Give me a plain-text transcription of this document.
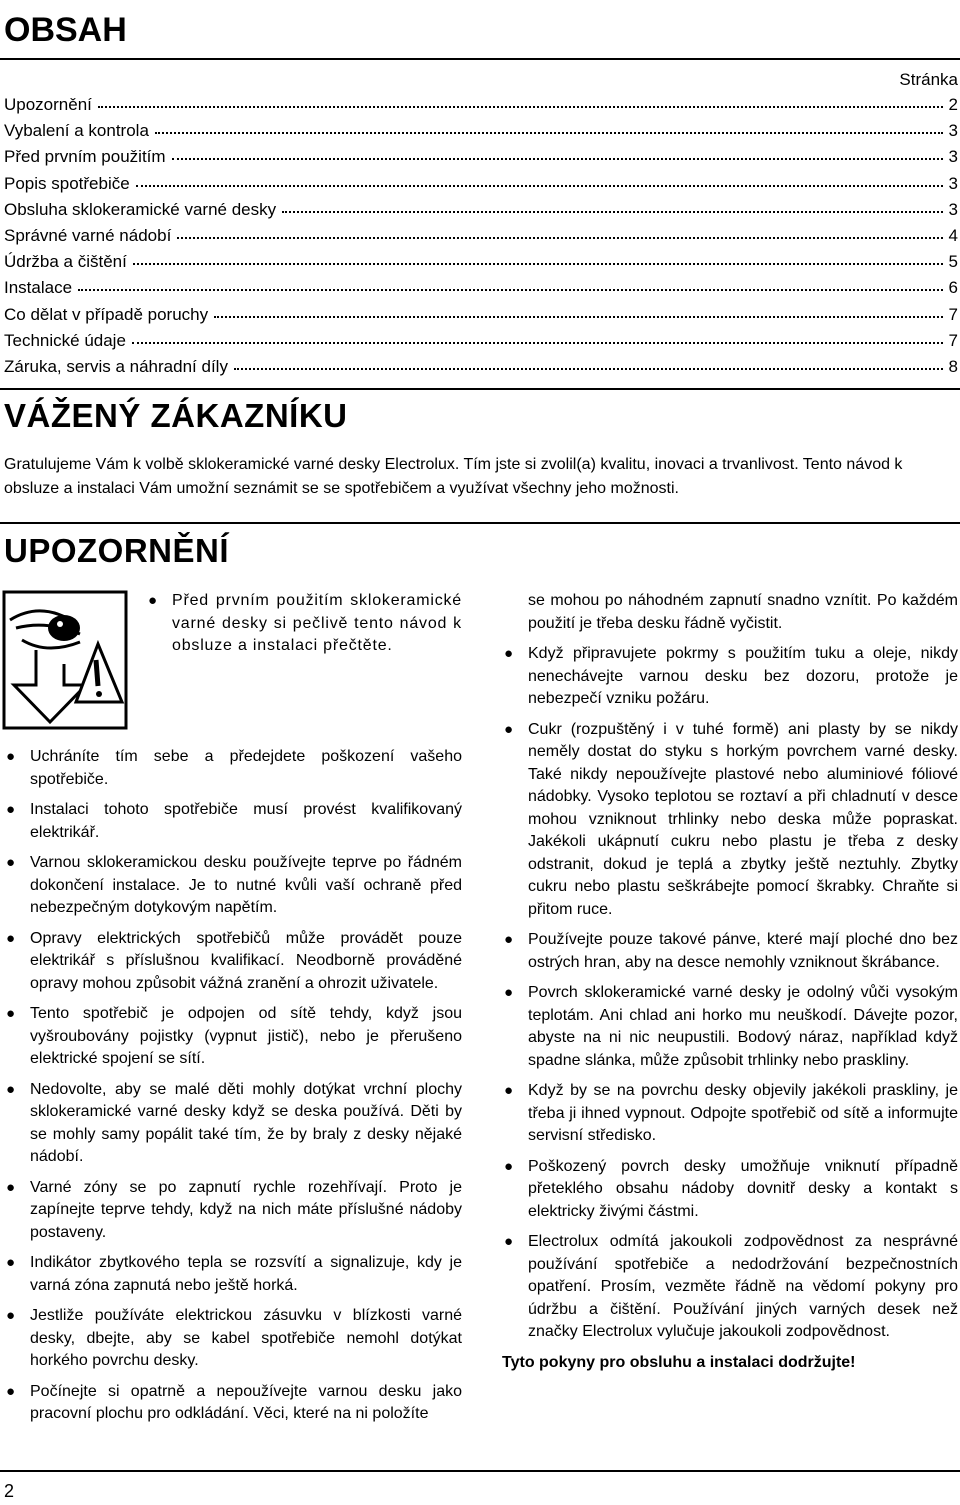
OBSAH
Stránka
Upozornění	2
Vybalení a kontrola	3
Před prvním použitím	3
Popis spotřebiče	3
Obsluha sklokeramické varné desky	3
Správné varné nádobí	4
Údržba a čištění	5
Instalace	6
Co dělat v případě poruchy	7
Technické údaje	7
Záruka, servis a náhradní díly	8
VÁŽENÝ ZÁKAZNÍKU

Gratulujeme Vám k volbě sklokeramické varné desky Electrolux. Tím jste si zvolil(a) kvalitu, inovaci a trvanlivost. Tento návod k obsluze a instalaci Vám umožní seznámit se se spotřebičem a využívat všechny jeho možnosti.

UPOZORNĚNÍ
● Před prvním použitím sklokeramické varné desky si pečlivě tento návod k obsluze a instalaci přečtěte.
● Uchráníte tím sebe a předejdete poškození vašeho spotřebiče.
● Instalaci tohoto spotřebiče musí provést kvalifikovaný elektrikář.
● Varnou sklokeramickou desku používejte teprve po řádném dokončení instalace. Je to nutné kvůli vaší ochraně před nebezpečným dotykovým napětím.
● Opravy elektrických spotřebičů může provádět pouze elektrikář s příslušnou kvalifikací. Neodborně prováděné opravy mohou způsobit vážná zranění a ohrozit uživatele.
● Tento spotřebič je odpojen od sítě tehdy, když jsou vyšroubovány pojistky (vypnut jistič), nebo je přerušeno elektrické spojení se sítí.
● Nedovolte, aby se malé děti mohly dotýkat vrchní plochy sklokeramické varné desky když se deska používá. Děti by se mohly samy popálit také tím, že by braly z desky nějaké nádobí.
● Varné zóny se po zapnutí rychle rozehřívají. Proto je zapínejte teprve tehdy, když na nich máte příslušné nádoby postaveny.
● Indikátor zbytkového tepla se rozsvítí a signalizuje, kdy je varná zóna zapnutá nebo ještě horká.
● Jestliže používáte elektrickou zásuvku v blízkosti varné desky, dbejte, aby se kabel spotřebiče nemohl dotýkat horkého povrchu desky.
● Počínejte si opatrně a nepoužívejte varnou desku jako pracovní plochu pro odkládání. Věci, které na ni položíte
se mohou po náhodném zapnutí snadno vznítit. Po každém použití je třeba desku řádně vyčistit.
● Když připravujete pokrmy s použitím tuku a oleje, nikdy nenechávejte varnou desku bez dozoru, protože je nebezpečí vzniku požáru.
● Cukr (rozpuštěný i v tuhé formě) ani plasty by se nikdy neměly dostat do styku s horkým povrchem varné desky. Také nikdy nepoužívejte plastové nebo aluminiové fóliové nádobky. Vysoko teplotou se roztaví a při chladnutí v desce mohou vzniknout trhlinky nebo deska může popraskat. Jakékoli ukápnutí cukru nebo plastu je třeba z desky odstranit, dokud je teplá a zbytky ještě neztuhly. Zbytky cukru nebo plastu seškrábejte pomocí škrabky. Chraňte si přitom ruce.
● Používejte pouze takové pánve, které mají ploché dno bez ostrých hran, aby na desce nemohly vzniknout škrábance.
● Povrch sklokeramické varné desky je odolný vůči vysokým teplotám. Ani chlad ani horko mu neuškodí. Dávejte pozor, abyste na ni nic neupustili. Bodový náraz, například když spadne slánka, může způsobit trhlinky nebo praskliny.
● Když by se na povrchu desky objevily jakékoli praskliny, je třeba ji ihned vypnout. Odpojte spotřebič od sítě a informujte servisní středisko.
● Poškozený povrch desky umožňuje vniknutí případně přetekléhо obsahu nádoby dovnitř desky a kontakt s elektricky živými částmi.
● Electrolux odmítá jakoukoli zodpovědnost za nesprávné používání spotřebiče a nedodržování bezpečnostních opatření. Prosím, vezměte řádně na vědomí pokyny pro údržbu a čištění. Používání jiných varných desek než značky Electrolux vylučuje jakoukoli zodpovědnost.

Tyto pokyny pro obsluhu a instalaci dodržujte!

2
